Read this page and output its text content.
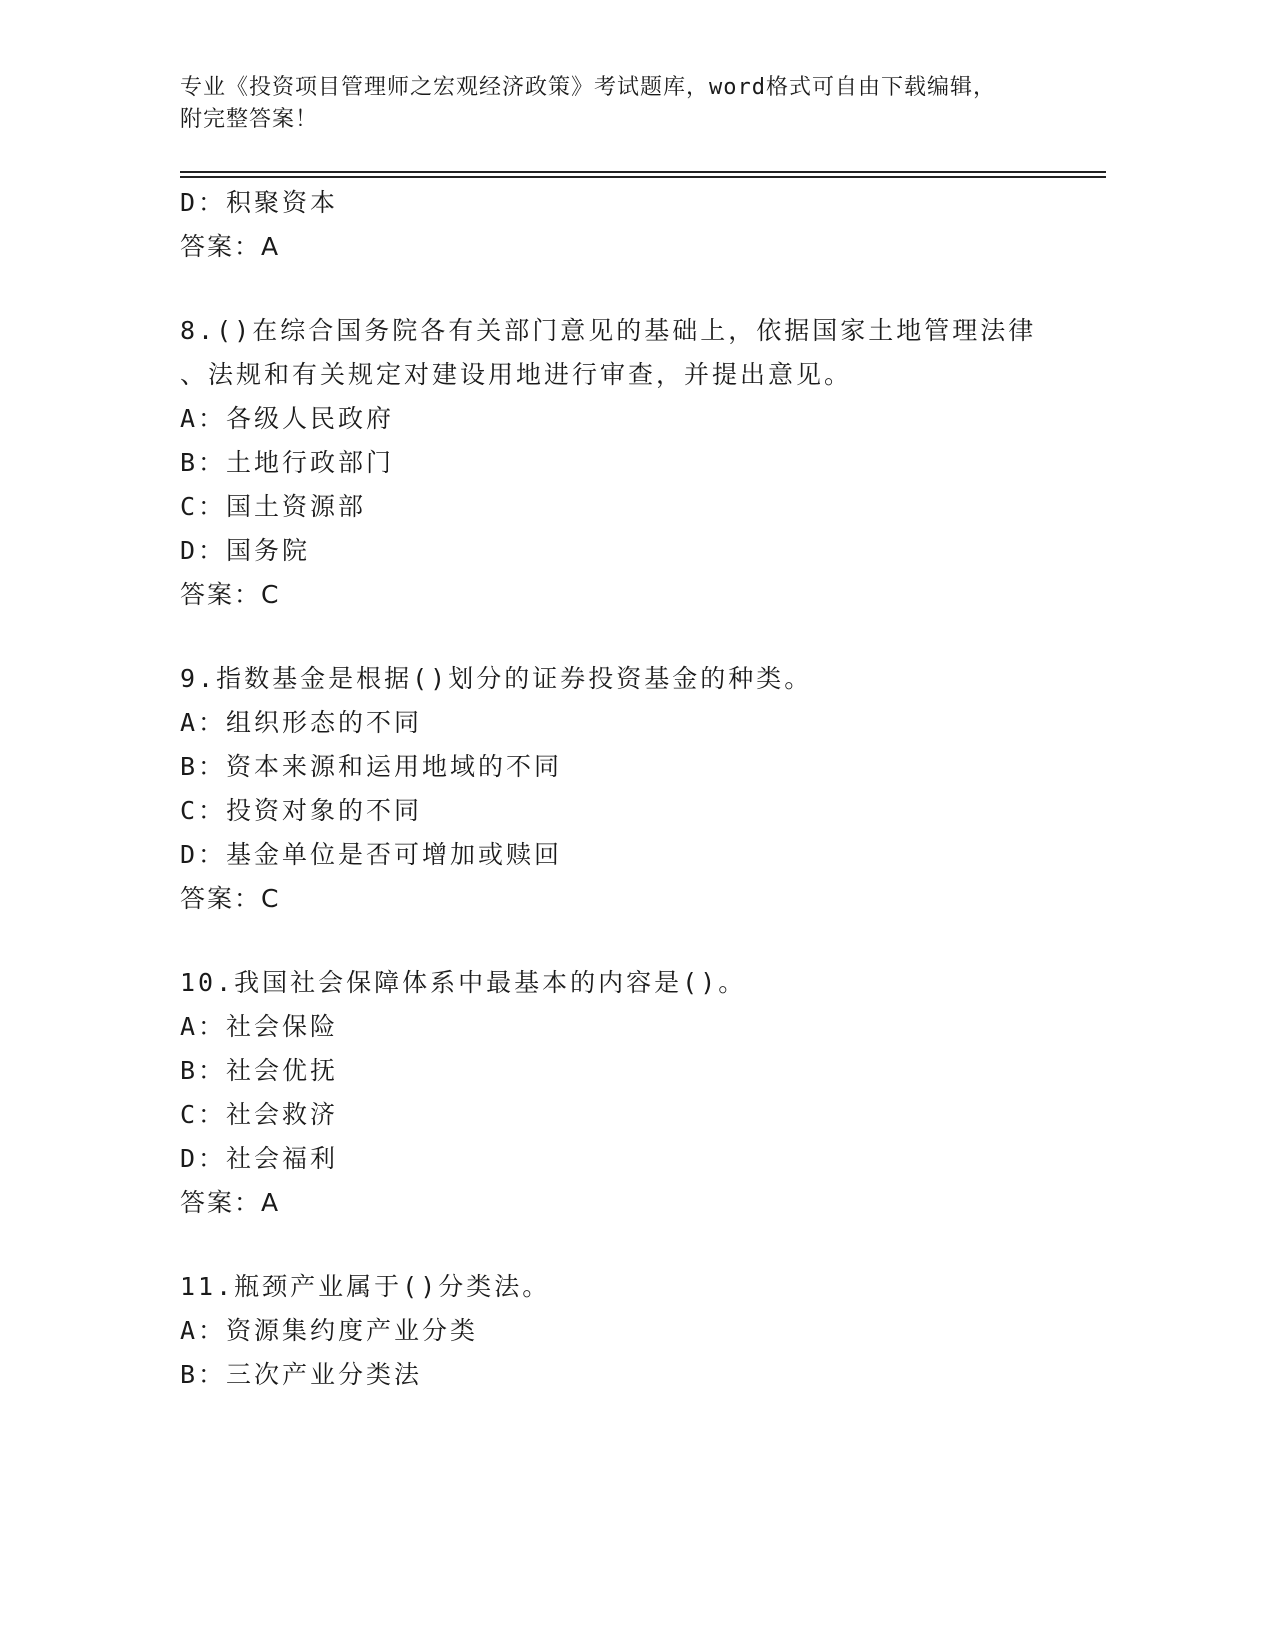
专业《投资项目管理师之宏观经济政策》考试题库，word格式可自由下载编辑，
附完整答案！
D：积聚资本
答案：A
8.()在综合国务院各有关部门意见的基础上，依据国家土地管理法律
、法规和有关规定对建设用地进行审查，并提出意见。
A：各级人民政府
B：土地行政部门
C：国土资源部
D：国务院
答案：C
9.指数基金是根据()划分的证券投资基金的种类。
A：组织形态的不同
B：资本来源和运用地域的不同
C：投资对象的不同
D：基金单位是否可增加或赎回
答案：C
10.我国社会保障体系中最基本的内容是()。
A：社会保险
B：社会优抚
C：社会救济
D：社会福利
答案：A
11.瓶颈产业属于()分类法。
A：资源集约度产业分类
B：三次产业分类法
